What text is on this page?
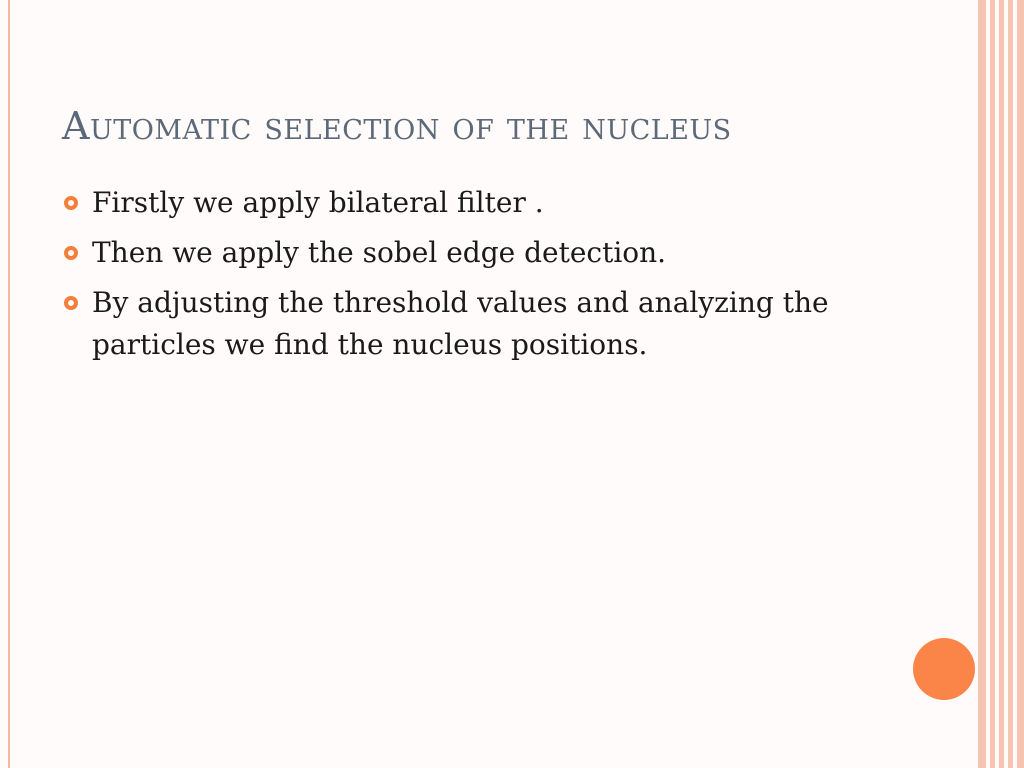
Automatic selection of the nucleus
Firstly we apply bilateral filter .
Then we apply the sobel edge detection.
By adjusting the threshold values and analyzing the particles we find the nucleus positions.
